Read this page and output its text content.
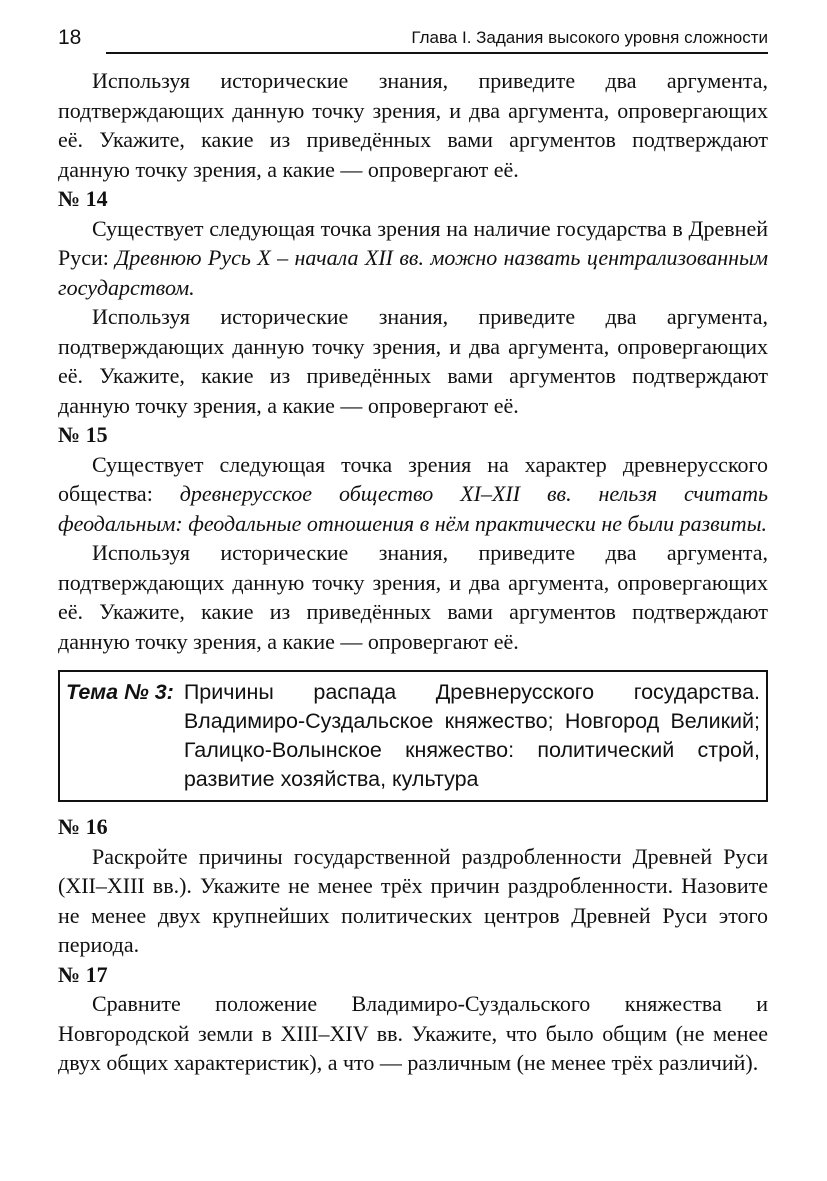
18	Глава I. Задания высокого уровня сложности

Используя исторические знания, приведите два аргумента, подтверждающих данную точку зрения, и два аргумента, опровергающих её. Укажите, какие из приведённых вами аргументов подтверждают данную точку зрения, а какие — опровергают её.

№ 14

Существует следующая точка зрения на наличие государства в Древней Руси: Древнюю Русь X – начала XII вв. можно назвать централизованным государством.

Используя исторические знания, приведите два аргумента, подтверждающих данную точку зрения, и два аргумента, опровергающих её. Укажите, какие из приведённых вами аргументов подтверждают данную точку зрения, а какие — опровергают её.

№ 15

Существует следующая точка зрения на характер древнерусского общества: древнерусское общество XI–XII вв. нельзя считать феодальным: феодальные отношения в нём практически не были развиты.

Используя исторические знания, приведите два аргумента, подтверждающих данную точку зрения, и два аргумента, опровергающих её. Укажите, какие из приведённых вами аргументов подтверждают данную точку зрения, а какие — опровергают её.

Тема № 3: Причины распада Древнерусского государства. Владимиро-Суздальское княжество; Новгород Великий; Галицко-Волынское княжество: политический строй, развитие хозяйства, культура

№ 16

Раскройте причины государственной раздробленности Древней Руси (XII–XIII вв.). Укажите не менее трёх причин раздробленности. Назовите не менее двух крупнейших политических центров Древней Руси этого периода.

№ 17

Сравните положение Владимиро-Суздальского княжества и Новгородской земли в XIII–XIV вв. Укажите, что было общим (не менее двух общих характеристик), а что — различным (не менее трёх различий).
